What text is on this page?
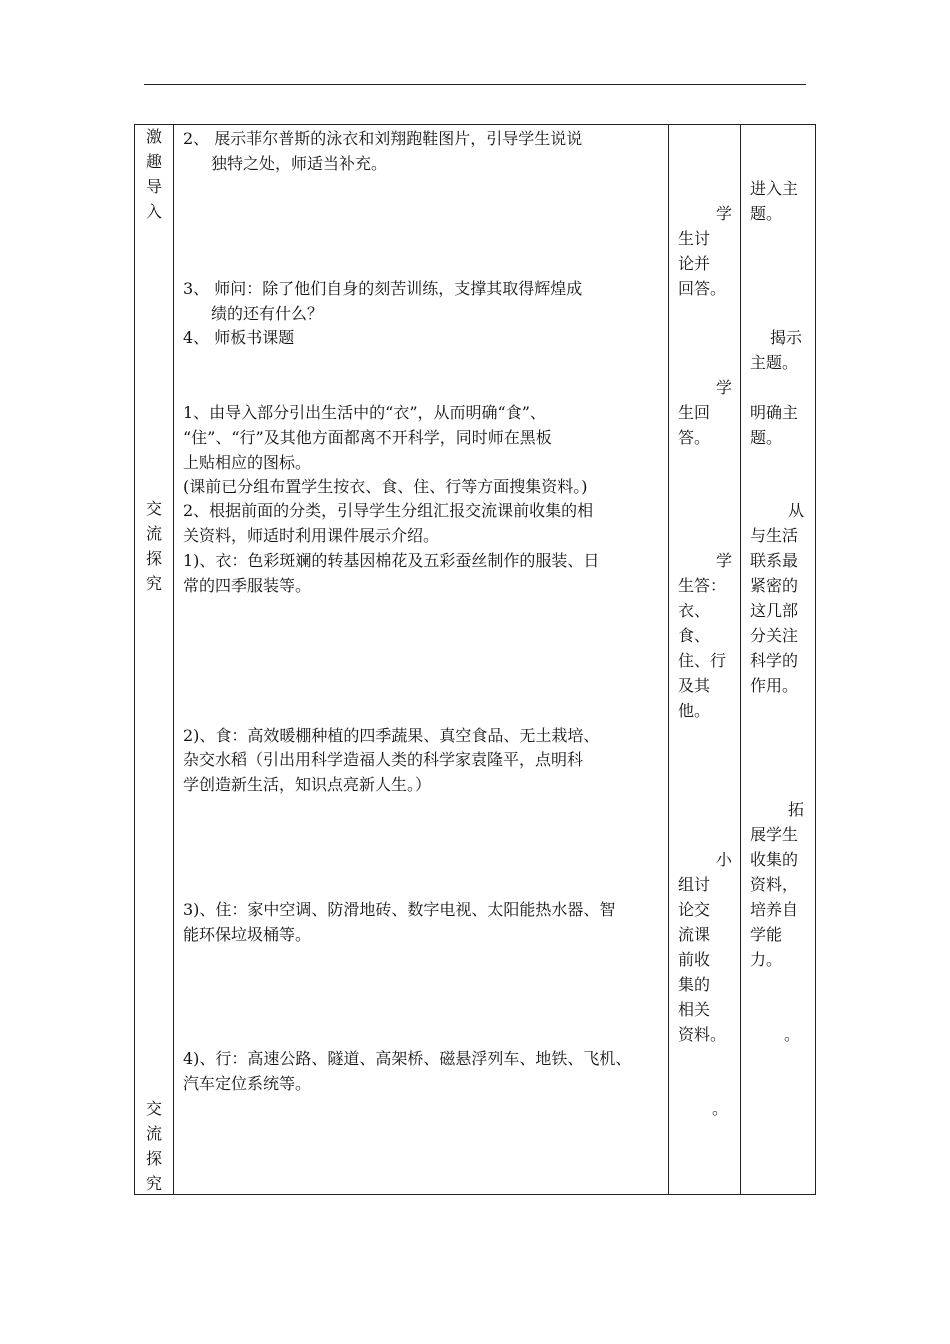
激趣导入
交流探究
交流探究
2、 展示菲尔普斯的泳衣和刘翔跑鞋图片，引导学生说说
独特之处，师适当补充。
3、 师问：除了他们自身的刻苦训练，支撑其取得辉煌成
绩的还有什么？
4、 师板书课题
1、由导入部分引出生活中的“衣”，从而明确“食”、
“住”、“行”及其他方面都离不开科学，同时师在黑板
上贴相应的图标。
(课前已分组布置学生按衣、食、住、行等方面搜集资料。)
2、根据前面的分类，引导学生分组汇报交流课前收集的相
关资料，师适时利用课件展示介绍。
1)、衣：色彩斑斓的转基因棉花及五彩蚕丝制作的服装、日
常的四季服装等。
2)、食：高效暖棚种植的四季蔬果、真空食品、无土栽培、
杂交水稻（引出用科学造福人类的科学家袁隆平，点明科
学创造新生活，知识点亮新人生。）
3)、住：家中空调、防滑地砖、数字电视、太阳能热水器、智
能环保垃圾桶等。
4)、行：高速公路、隧道、高架桥、磁悬浮列车、地铁、飞机、
汽车定位系统等。
学
生讨
论并
回答。
学
生回
答。
学
生答：
衣、
食、
住、行
及其
他。
小
组讨
论交
流课
前收
集的
相关
资料。
。
进入主
题。
揭示
主题。
明确主
题。
从
与生活
联系最
紧密的
这几部
分关注
科学的
作用。
拓
展学生
收集的
资料，
培养自
学能
力。
。
